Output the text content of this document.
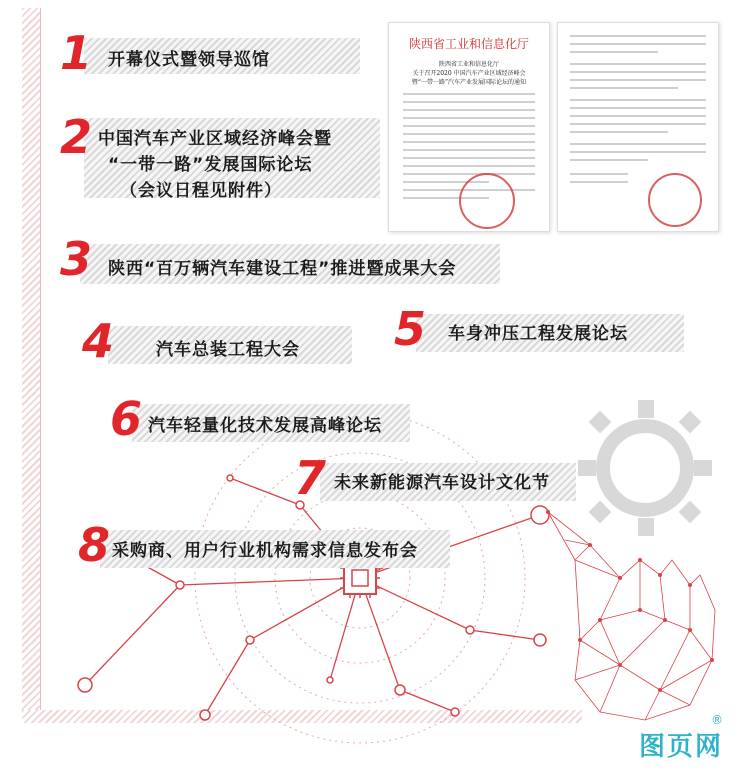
陕西省工业和信息化厅
陕西省工业和信息化厅
关于召开2020 中国汽车产业区域经济峰会
暨“一带一路”汽车产业发展国际论坛的通知
1 开幕仪式暨领导巡馆
2 中国汽车产业区域经济峰会暨
“一带一路”发展国际论坛
（会议日程见附件）
3 陕西“百万辆汽车建设工程”推进暨成果大会
4 汽车总装工程大会 5 车身冲压工程发展论坛
6 汽车轻量化技术发展高峰论坛
7 未来新能源汽车设计文化节
8 采购商、用户行业机构需求信息发布会
®
图页网
